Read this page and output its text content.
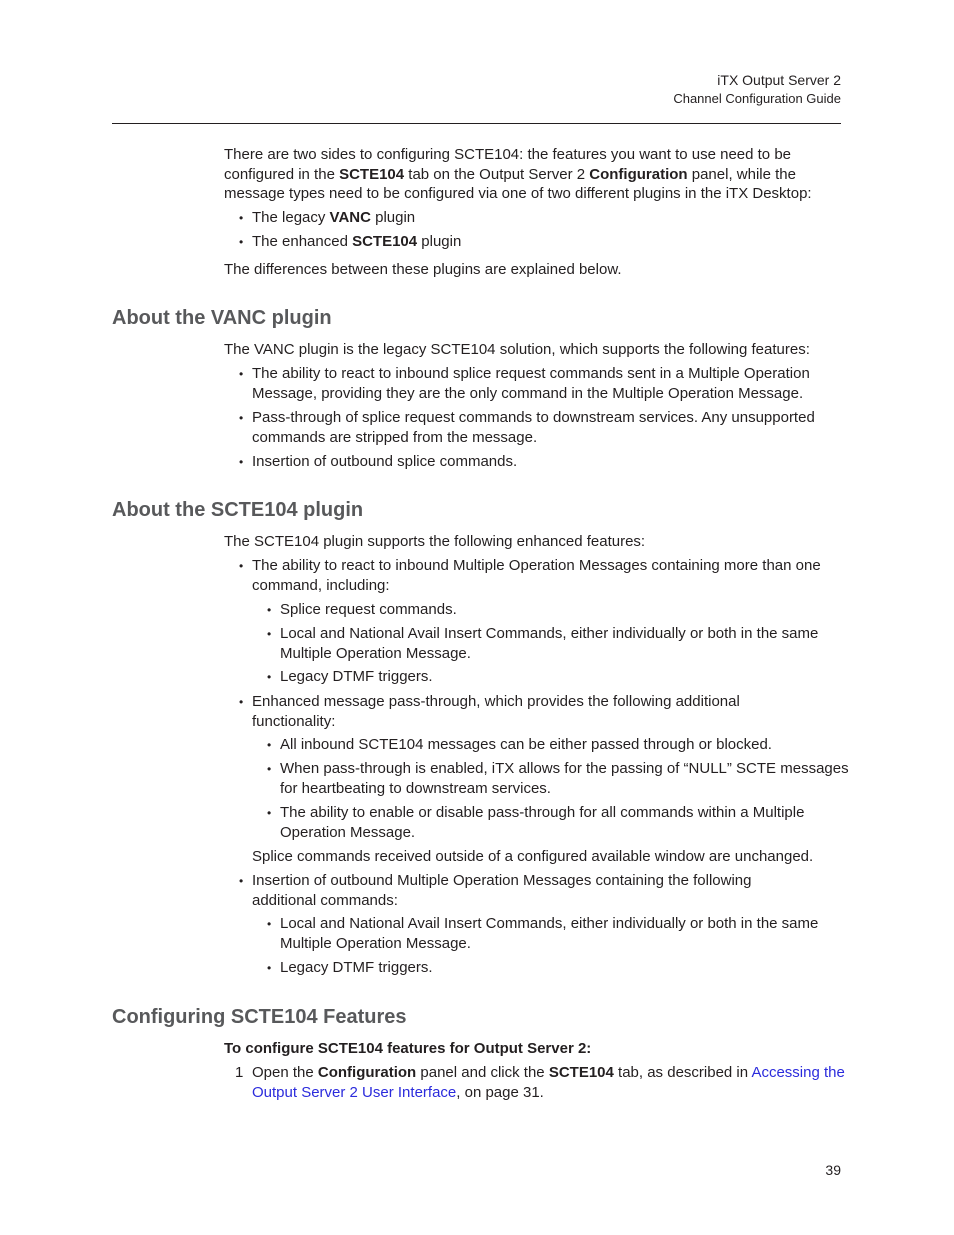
iTX Output Server 2
Channel Configuration Guide

There are two sides to configuring SCTE104: the features you want to use need to be
configured in the SCTE104 tab on the Output Server 2 Configuration panel, while the
message types need to be configured via one of two different plugins in the iTX Desktop:

• The legacy VANC plugin
• The enhanced SCTE104 plugin

The differences between these plugins are explained below.

About the VANC plugin

The VANC plugin is the legacy SCTE104 solution, which supports the following features:

• The ability to react to inbound splice request commands sent in a Multiple Operation
Message, providing they are the only command in the Multiple Operation Message.
• Pass-through of splice request commands to downstream services. Any unsupported
commands are stripped from the message.
• Insertion of outbound splice commands.
About the SCTE104 plugin

The SCTE104 plugin supports the following enhanced features:

• The ability to react to inbound Multiple Operation Messages containing more than one
command, including:
• Splice request commands.
• Local and National Avail Insert Commands, either individually or both in the same
Multiple Operation Message.
• Legacy DTMF triggers.
• Enhanced message pass-through, which provides the following additional
functionality:
• All inbound SCTE104 messages can be either passed through or blocked.
• When pass-through is enabled, iTX allows for the passing of “NULL” SCTE messages
for heartbeating to downstream services.
• The ability to enable or disable pass-through for all commands within a Multiple
Operation Message.

Splice commands received outside of a configured available window are unchanged.

• Insertion of outbound Multiple Operation Messages containing the following
additional commands:
• Local and National Avail Insert Commands, either individually or both in the same
Multiple Operation Message.
• Legacy DTMF triggers.
Configuring SCTE104 Features
To configure SCTE104 features for Output Server 2:
1 Open the Configuration panel and click the SCTE104 tab, as described in Accessing the Output Server 2 User Interface, on page 31.
39
